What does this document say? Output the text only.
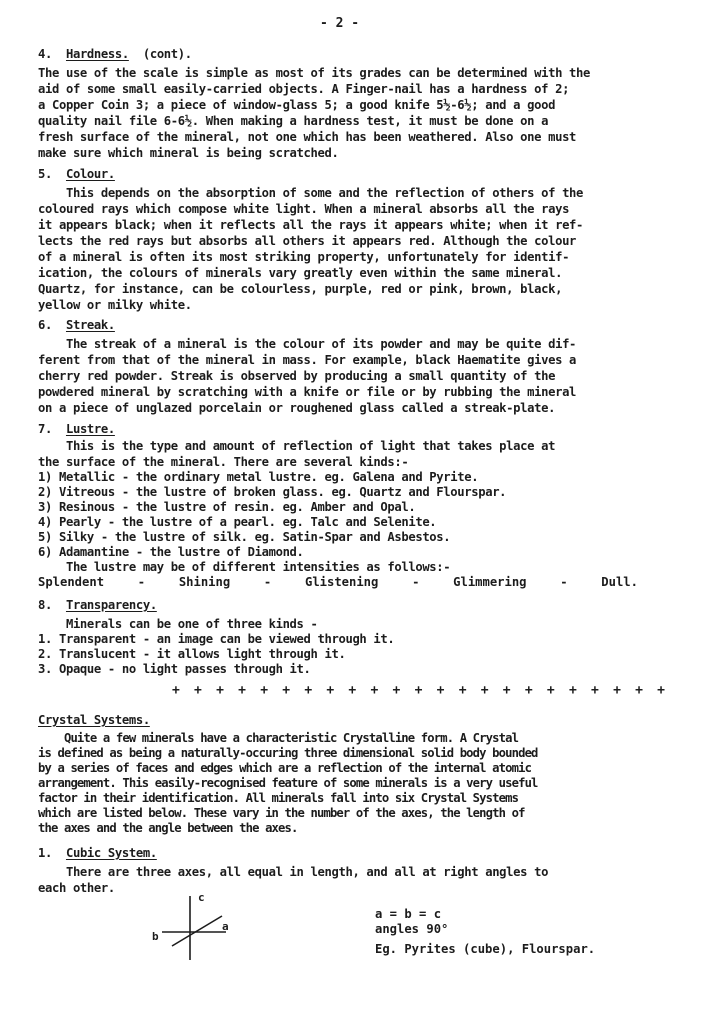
- 2 -

4. Hardness. (cont).

The use of the scale is simple as most of its grades can be determined with the

aid of some small easily-carried objects. A Finger-nail has a hardness of 2;

a Copper Coin 3; a piece of window-glass 5; a good knife 5½-6½; and a good

quality nail file 6-6½. When making a hardness test, it must be done on a

fresh surface of the mineral, not one which has been weathered. Also one must

make sure which mineral is being scratched.

5. Colour.

This depends on the absorption of some and the reflection of others of the

coloured rays which compose white light. When a mineral absorbs all the rays

it appears black; when it reflects all the rays it appears white; when it ref-

lects the red rays but absorbs all others it appears red. Although the colour

of a mineral is often its most striking property, unfortunately for identif-

ication, the colours of minerals vary greatly even within the same mineral.

Quartz, for instance, can be colourless, purple, red or pink, brown, black,

yellow or milky white.

6. Streak.

The streak of a mineral is the colour of its powder and may be quite dif-

ferent from that of the mineral in mass. For example, black Haematite gives a

cherry red powder. Streak is observed by producing a small quantity of the

powdered mineral by scratching with a knife or file or by rubbing the mineral

on a piece of unglazed porcelain or roughened glass called a streak-plate.

7. Lustre.

This is the type and amount of reflection of light that takes place at

the surface of the mineral. There are several kinds:-

1) Metallic - the ordinary metal lustre. eg. Galena and Pyrite.

2) Vitreous - the lustre of broken glass. eg. Quartz and Flourspar.

3) Resinous - the lustre of resin. eg. Amber and Opal.

4) Pearly - the lustre of a pearl. eg. Talc and Selenite.

5) Silky - the lustre of silk. eg. Satin-Spar and Asbestos.

6) Adamantine - the lustre of Diamond.

The lustre may be of different intensities as follows:-

Splendent	-	Shining	-	Glistening	-	Glimmering	-	Dull.

8. Transparency.

Minerals can be one of three kinds -

1. Transparent - an image can be viewed through it.

2. Translucent - it allows light through it.

3. Opaque - no light passes through it.

+ + + + + + + + + + + + + + + + + + + + + + +

Crystal Systems.

Quite a few minerals have a characteristic Crystalline form. A Crystal

is defined as being a naturally-occuring three dimensional solid body bounded

by a series of faces and edges which are a reflection of the internal atomic

arrangement. This easily-recognised feature of some minerals is a very useful

factor in their identification. All minerals fall into six Crystal Systems

which are listed below. These vary in the number of the axes, the length of

the axes and the angle between the axes.

1. Cubic System.

There are three axes, all equal in length, and all at right angles to

each other.

c
a
b

a = b = c

angles 90°

Eg. Pyrites (cube), Flourspar.
